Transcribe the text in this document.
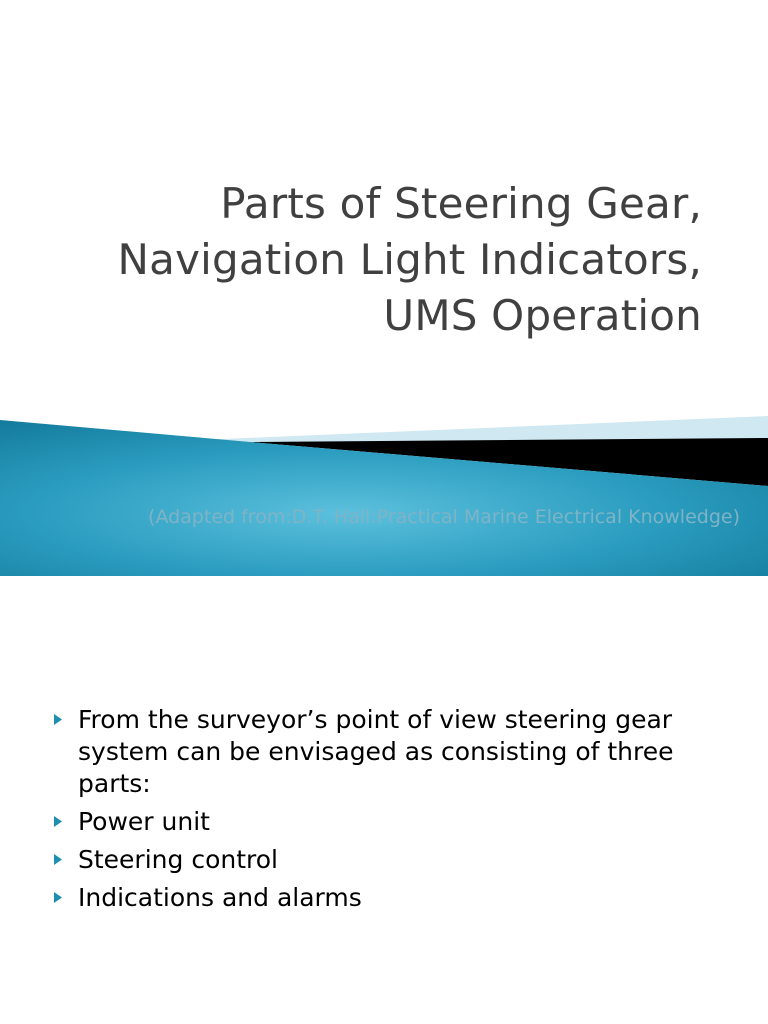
Parts of Steering Gear,
Navigation Light Indicators,
UMS Operation

(Adapted from:D.T. Hall:Practical Marine Electrical Knowledge)

From the surveyor’s point of view steering gear system can be envisaged as consisting of three parts:
Power unit
Steering control
Indications and alarms
